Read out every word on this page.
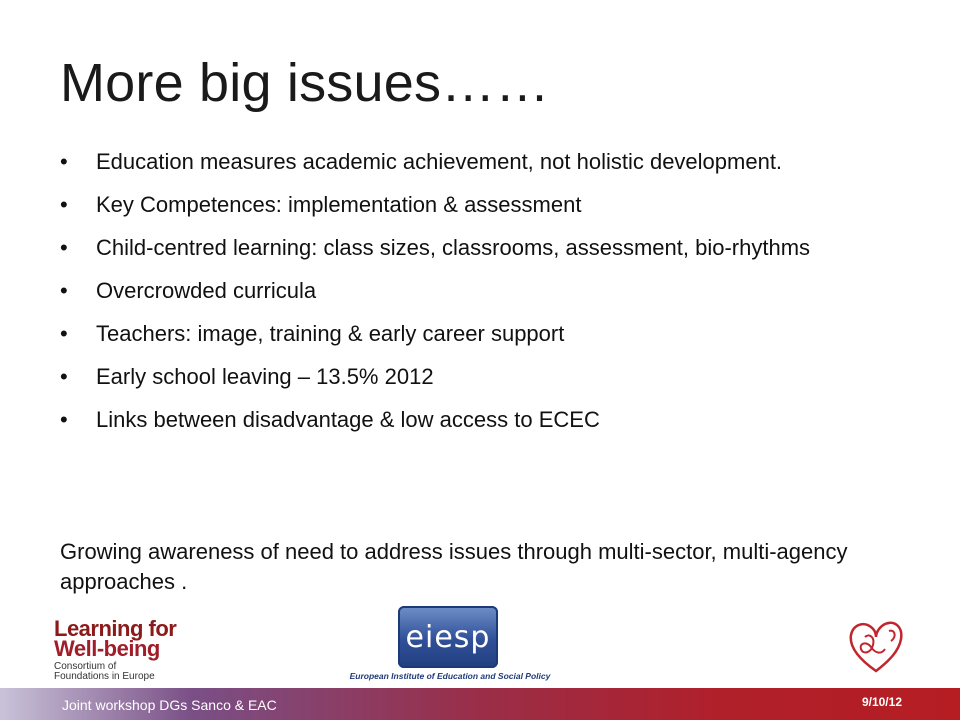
More big issues……
•	Education measures academic achievement, not holistic development.
•	Key Competences: implementation & assessment
•	Child-centred learning: class sizes, classrooms, assessment, bio-rhythms
•	Overcrowded curricula
•	Teachers: image, training & early career support
•	Early school leaving – 13.5% 2012
•	Links between disadvantage & low access to ECEC
Growing awareness of need to address issues through multi-sector, multi-agency approaches .
Learning for
Well-being
Consortium of
Foundations in Europe
eiesp
European Institute of Education and Social Policy
Joint workshop DGs Sanco & EAC	9/10/12
